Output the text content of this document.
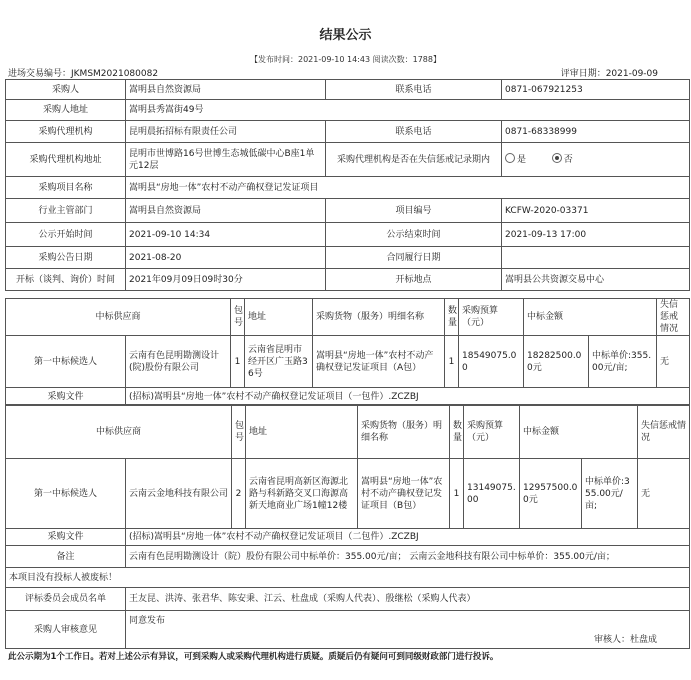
结果公示
【发布时间：2021-09-10 14:43 阅读次数：1788】
进场交易编号：JKMSM2021080082	评审日期：2021-09-09
采购人	嵩明县自然资源局	联系电话	0871-067921253
采购人地址	嵩明县秀嵩街49号		
采购代理机构	昆明晨拓招标有限责任公司	联系电话	0871-68338999
采购代理机构地址	昆明市世博路16号世博生态城低碳中心B座1单元12层	采购代理机构是否在失信惩戒记录期内	是 否
采购项目名称	嵩明县“房地一体”农村不动产确权登记发证项目		
行业主管部门	嵩明县自然资源局	项目编号	KCFW-2020-03371
公示开始时间	2021-09-10 14:34	公示结束时间	2021-09-13 17:00
采购公告日期	2021-08-20	合同履行日期	
开标（谈判、询价）时间	2021年09月09日09时30分	开标地点	嵩明县公共资源交易中心
中标供应商		包号	地址	采购货物（服务）明细名称	数量	采购预算（元）	中标金额		失信惩戒情况
第一中标候选人	云南有色昆明勘测设计(院)股份有限公司	1	云南省昆明市经开区广玉路36号	嵩明县“房地一体”农村不动产确权登记发证项目（A包）	1	18549075.00	18282500.00元	中标单价:355.00元/亩;	无
采购文件	(招标)嵩明县“房地一体”农村不动产确权登记发证项目（一包件）.ZCZBJ								
中标供应商		包号	地址	采购货物（服务）明细名称	数量	采购预算（元）	中标金额		失信惩戒情况
第一中标候选人	云南云金地科技有限公司	2	云南省昆明高新区海源北路与科新路交叉口海源高新天地商业广场1幢12楼	嵩明县“房地一体”农村不动产确权登记发证项目（B包）	1	13149075.00	12957500.00元	中标单价:355.00元/亩;	无
采购文件	(招标)嵩明县“房地一体”农村不动产确权登记发证项目（二包件）.ZCZBJ								
备注	云南有色昆明勘测设计（院）股份有限公司中标单价：355.00元/亩； 云南云金地科技有限公司中标单价：355.00元/亩；
本项目没有投标人被废标！	
评标委员会成员名单	王友昆、洪涛、张君华、陈安秉、江云、杜盘成（采购人代表）、殷继松（采购人代表）
采购人审核意见	同意发布
审核人：杜盘成
此公示期为1个工作日。若对上述公示有异议，可到采购人或采购代理机构进行质疑。质疑后仍有疑问可到同级财政部门进行投诉。
